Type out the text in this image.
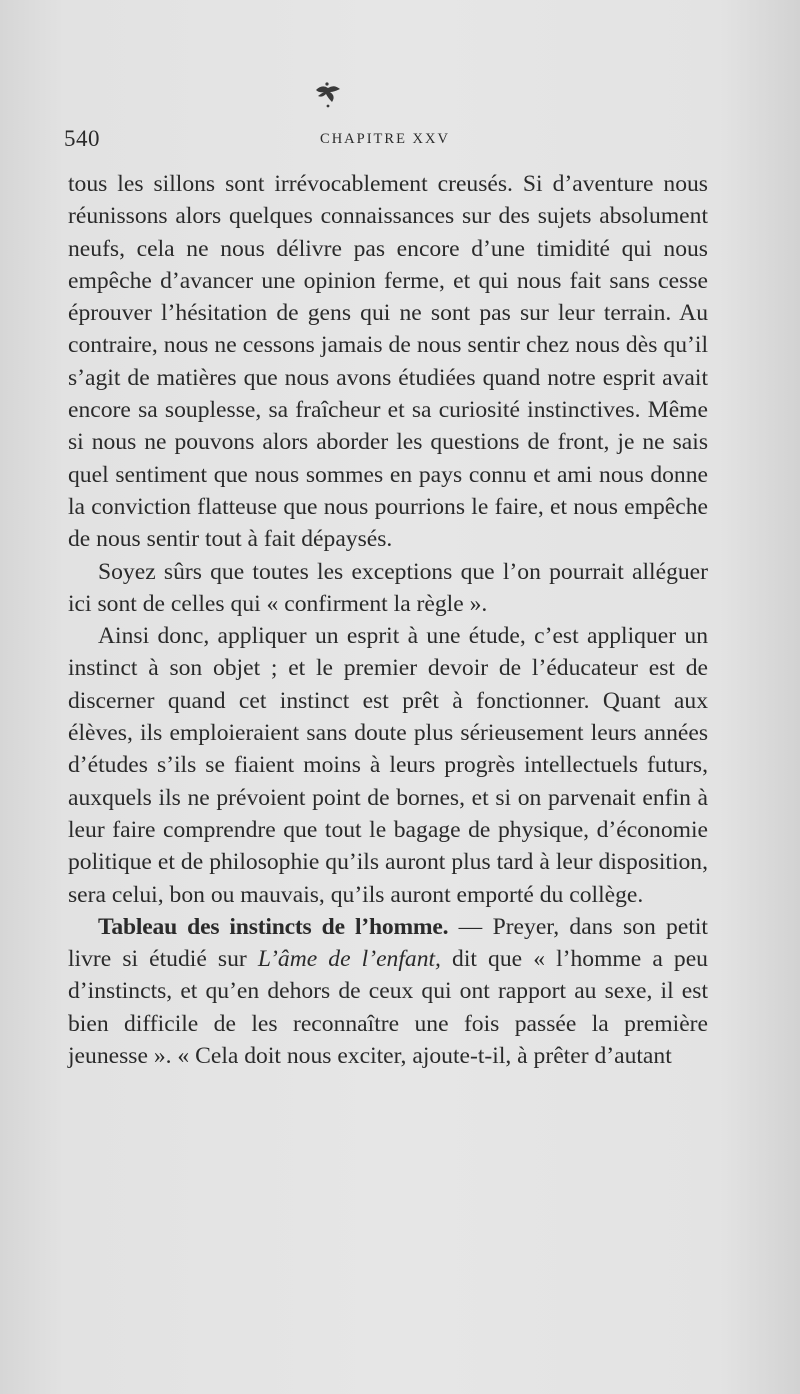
540	CHAPITRE XXV

tous les sillons sont irrévocablement creusés. Si d’aventure nous réunissons alors quelques connaissances sur des sujets absolument neufs, cela ne nous délivre pas encore d’une timidité qui nous empêche d’avancer une opinion ferme, et qui nous fait sans cesse éprouver l’hésitation de gens qui ne sont pas sur leur terrain. Au contraire, nous ne cessons jamais de nous sentir chez nous dès qu’il s’agit de matières que nous avons étudiées quand notre esprit avait encore sa souplesse, sa fraîcheur et sa curiosité instinctives. Même si nous ne pouvons alors aborder les questions de front, je ne sais quel sentiment que nous sommes en pays connu et ami nous donne la conviction flatteuse que nous pourrions le faire, et nous empêche de nous sentir tout à fait dépaysés.

Soyez sûrs que toutes les exceptions que l’on pourrait alléguer ici sont de celles qui « confirment la règle ».

Ainsi donc, appliquer un esprit à une étude, c’est appliquer un instinct à son objet ; et le premier devoir de l’éducateur est de discerner quand cet instinct est prêt à fonctionner. Quant aux élèves, ils emploieraient sans doute plus sérieusement leurs années d’études s’ils se fiaient moins à leurs progrès intellectuels futurs, auxquels ils ne prévoient point de bornes, et si on parvenait enfin à leur faire comprendre que tout le bagage de physique, d’économie politique et de philosophie qu’ils auront plus tard à leur disposition, sera celui, bon ou mauvais, qu’ils auront emporté du collège.

Tableau des instincts de l’homme. — Preyer, dans son petit livre si étudié sur L’âme de l’enfant, dit que « l’homme a peu d’instincts, et qu’en dehors de ceux qui ont rapport au sexe, il est bien difficile de les reconnaître une fois passée la première jeunesse ». « Cela doit nous exciter, ajoute-t-il, à prêter d’autant
